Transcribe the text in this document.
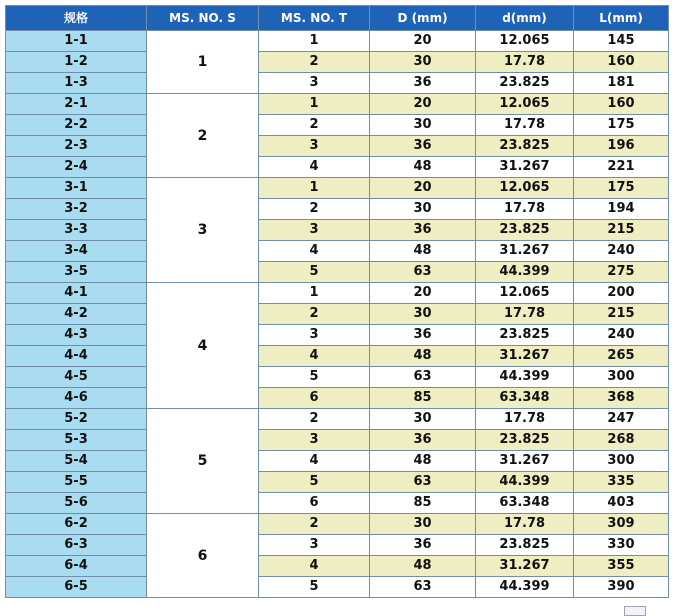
规格	MS. NO. S	MS. NO. T	D (mm)	d(mm)	L(mm)
1-1	1	1	20	12.065	145
1-2		2	30	17.78	160
1-3		3	36	23.825	181
2-1	2	1	20	12.065	160
2-2		2	30	17.78	175
2-3		3	36	23.825	196
2-4		4	48	31.267	221
3-1	3	1	20	12.065	175
3-2		2	30	17.78	194
3-3		3	36	23.825	215
3-4		4	48	31.267	240
3-5		5	63	44.399	275
4-1	4	1	20	12.065	200
4-2		2	30	17.78	215
4-3		3	36	23.825	240
4-4		4	48	31.267	265
4-5		5	63	44.399	300
4-6		6	85	63.348	368
5-2	5	2	30	17.78	247
5-3		3	36	23.825	268
5-4		4	48	31.267	300
5-5		5	63	44.399	335
5-6		6	85	63.348	403
6-2	6	2	30	17.78	309
6-3		3	36	23.825	330
6-4		4	48	31.267	355
6-5		5	63	44.399	390
